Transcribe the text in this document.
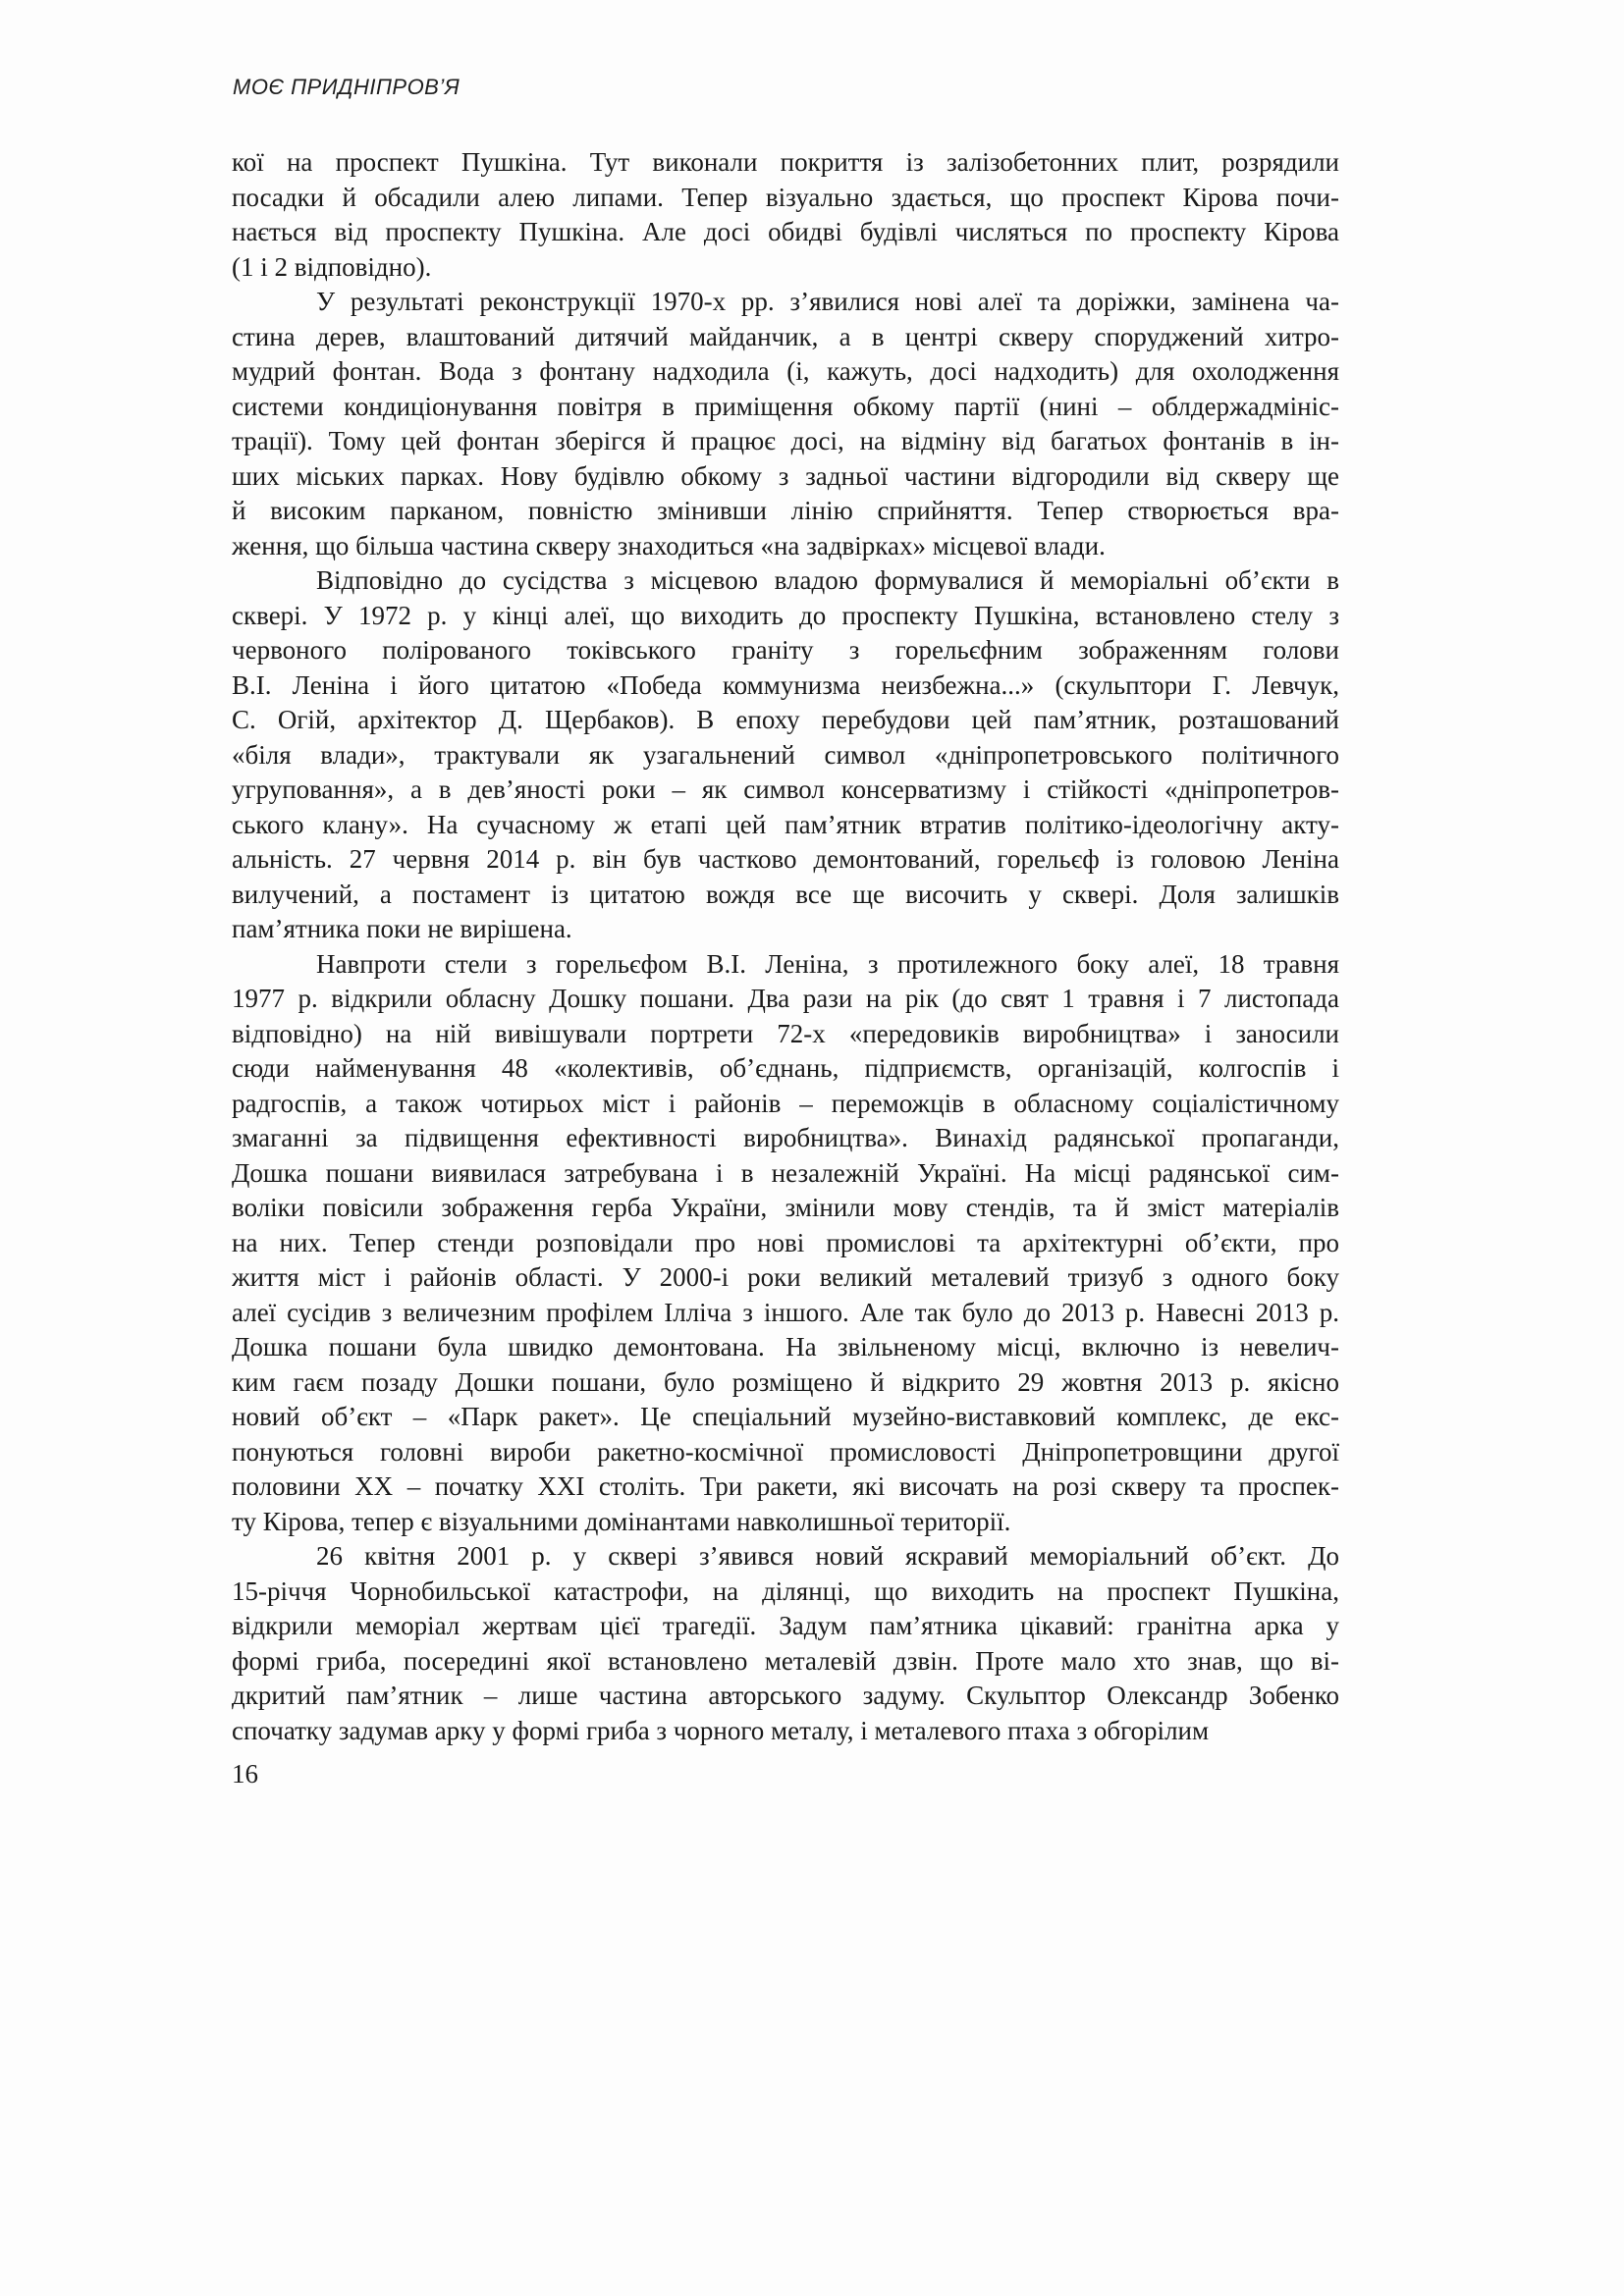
МОЄ ПРИДНІПРОВ’Я
кої на проспект Пушкіна. Тут виконали покриття із залізобетонних плит, розрядили
посадки й обсадили алею липами. Тепер візуально здається, що проспект Кірова почи-
нається від проспекту Пушкіна. Але досі обидві будівлі числяться по проспекту Кірова
(1 і 2 відповідно).
У результаті реконструкції 1970-х рр. з’явилися нові алеї та доріжки, замінена ча-
стина дерев, влаштований дитячий майданчик, а в центрі скверу споруджений хитро-
мудрий фонтан. Вода з фонтану надходила (і, кажуть, досі надходить) для охолодження
системи кондиціонування повітря в приміщення обкому партії (нині – облдержадмініс-
трації). Тому цей фонтан зберігся й працює досі, на відміну від багатьох фонтанів в ін-
ших міських парках. Нову будівлю обкому з задньої частини відгородили від скверу ще
й високим парканом, повністю змінивши лінію сприйняття. Тепер створюється вра-
ження, що більша частина скверу знаходиться «на задвірках» місцевої влади.
Відповідно до сусідства з місцевою владою формувалися й меморіальні об’єкти в
сквері. У 1972 р. у кінці алеї, що виходить до проспекту Пушкіна, встановлено стелу з
червоного полірованого токівського граніту з горельєфним зображенням голови
В.І. Леніна і його цитатою «Победа коммунизма неизбежна...» (скульптори Г. Левчук,
С. Огій, архітектор Д. Щербаков). В епоху перебудови цей пам’ятник, розташований
«біля влади», трактували як узагальнений символ «дніпропетровського політичного
угруповання», а в дев’яності роки – як символ консерватизму і стійкості «дніпропетров-
ського клану». На сучасному ж етапі цей пам’ятник втратив політико-ідеологічну акту-
альність. 27 червня 2014 р. він був частково демонтований, горельєф із головою Леніна
вилучений, а постамент із цитатою вождя все ще височить у сквері. Доля залишків
пам’ятника поки не вирішена.
Навпроти стели з горельєфом В.І. Леніна, з протилежного боку алеї, 18 травня
1977 р. відкрили обласну Дошку пошани. Два рази на рік (до свят 1 травня і 7 листопада
відповідно) на ній вивішували портрети 72-х «передовиків виробництва» і заносили
сюди найменування 48 «колективів, об’єднань, підприємств, організацій, колгоспів і
радгоспів, а також чотирьох міст і районів – переможців в обласному соціалістичному
змаганні за підвищення ефективності виробництва». Винахід радянської пропаганди,
Дошка пошани виявилася затребувана і в незалежній Україні. На місці радянської сим-
воліки повісили зображення герба України, змінили мову стендів, та й зміст матеріалів
на них. Тепер стенди розповідали про нові промислові та архітектурні об’єкти, про
життя міст і районів області. У 2000-і роки великий металевий тризуб з одного боку
алеї сусідив з величезним профілем Ілліча з іншого. Але так було до 2013 р. Навесні 2013 р.
Дошка пошани була швидко демонтована. На звільненому місці, включно із невелич-
ким гаєм позаду Дошки пошани, було розміщено й відкрито 29 жовтня 2013 р. якісно
новий об’єкт – «Парк ракет». Це спеціальний музейно-виставковий комплекс, де екс-
понуються головні вироби ракетно-космічної промисловості Дніпропетровщини другої
половини ХХ – початку ХХІ століть. Три ракети, які височать на розі скверу та проспек-
ту Кірова, тепер є візуальними домінантами навколишньої території.
26 квітня 2001 р. у сквері з’явився новий яскравий меморіальний об’єкт. До
15-річчя Чорнобильської катастрофи, на ділянці, що виходить на проспект Пушкіна,
відкрили меморіал жертвам цієї трагедії. Задум пам’ятника цікавий: гранітна арка у
формі гриба, посередині якої встановлено металевій дзвін. Проте мало хто знав, що ві-
дкритий пам’ятник – лише частина авторського задуму. Скульптор Олександр Зобенко
спочатку задумав арку у формі гриба з чорного металу, і металевого птаха з обгорілим
16
